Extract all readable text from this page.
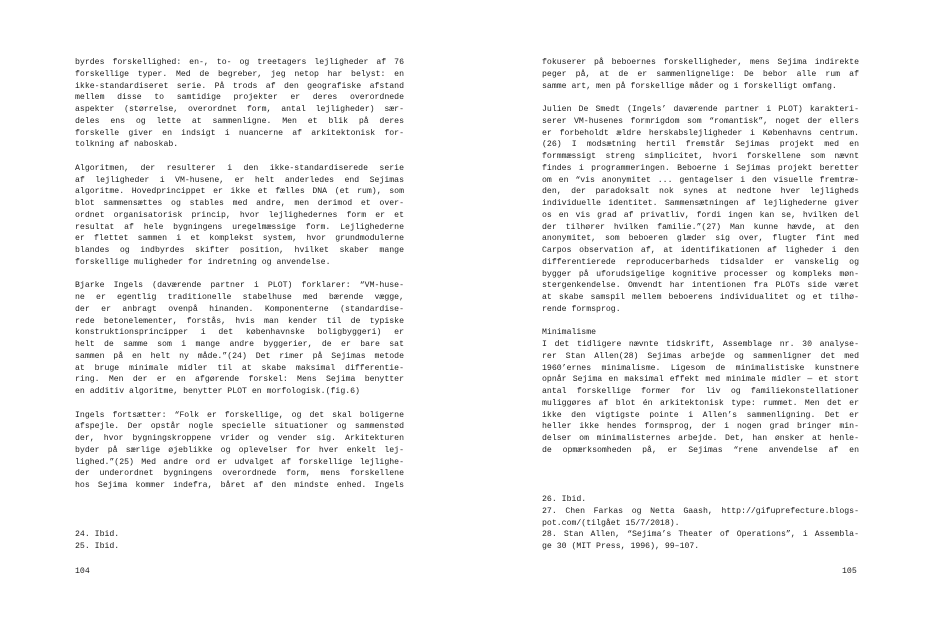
byrdes forskellighed: en-, to- og treetagers lejligheder af 76
forskellige typer. Med de begreber, jeg netop har belyst: en
ikke-standardiseret serie. På trods af den geografiske afstand
mellem disse to samtidige projekter er deres overordnede
aspekter (størrelse, overordnet form, antal lejligheder) sær-
deles ens og lette at sammenligne. Men et blik på deres
forskelle giver en indsigt i nuancerne af arkitektonisk for-
tolkning af naboskab.
Algoritmen, der resulterer i den ikke-standardiserede serie
af lejligheder i VM-husene, er helt anderledes end Sejimas
algoritme. Hovedprincippet er ikke et fælles DNA (et rum), som
blot sammensættes og stables med andre, men derimod et over-
ordnet organisatorisk princip, hvor lejlighedernes form er et
resultat af hele bygningens uregelmæssige form. Lejlighederne
er flettet sammen i et komplekst system, hvor grundmodulerne
blandes og indbyrdes skifter position, hvilket skaber mange
forskellige muligheder for indretning og anvendelse.
Bjarke Ingels (daværende partner i PLOT) forklarer: “VM-huse-
ne er egentlig traditionelle stabelhuse med bærende vægge,
der er anbragt ovenpå hinanden. Komponenterne (standardise-
rede betonelementer, forstås, hvis man kender til de typiske
konstruktionsprincipper i det københavnske boligbyggeri) er
helt de samme som i mange andre byggerier, de er bare sat
sammen på en helt ny måde.”(24) Det rimer på Sejimas metode
at bruge minimale midler til at skabe maksimal differentie-
ring. Men der er en afgørende forskel: Mens Sejima benytter
en additiv algoritme, benytter PLOT en morfologisk.(fig.6)
Ingels fortsætter: “Folk er forskellige, og det skal boligerne
afspejle. Der opstår nogle specielle situationer og sammenstød
der, hvor bygningskroppene vrider og vender sig. Arkitekturen
byder på særlige øjeblikke og oplevelser for hver enkelt lej-
lighed.”(25) Med andre ord er udvalget af forskellige lejlighe-
der underordnet bygningens overordnede form, mens forskellene
hos Sejima kommer indefra, båret af den mindste enhed. Ingels
24. Ibid.
25. Ibid.
104
fokuserer på beboernes forskelligheder, mens Sejima indirekte
peger på, at de er sammenlignelige: De bebor alle rum af
samme art, men på forskellige måder og i forskelligt omfang.
Julien De Smedt (Ingels’ daværende partner i PLOT) karakteri-
serer VM-husenes formrigdom som “romantisk”, noget der ellers
er forbeholdt ældre herskabslejligheder i Københavns centrum.
(26) I modsætning hertil fremstår Sejimas projekt med en
formmæssigt streng simplicitet, hvori forskellene som nævnt
findes i programmeringen. Beboerne i Sejimas projekt beretter
om en “vis anonymitet ... gentagelser i den visuelle fremtræ-
den, der paradoksalt nok synes at nedtone hver lejligheds
individuelle identitet. Sammensætningen af lejlighederne giver
os en vis grad af privatliv, fordi ingen kan se, hvilken del
der tilhører hvilken familie.”(27) Man kunne hævde, at den
anonymitet, som beboeren glæder sig over, flugter fint med
Carpos observation af, at identifikationen af ligheder i den
differentierede reproducerbarheds tidsalder er vanskelig og
bygger på uforudsigelige kognitive processer og kompleks møn-
stergenkendelse. Omvendt har intentionen fra PLOTs side været
at skabe samspil mellem beboerens individualitet og et tilhø-
rende formsprog.
Minimalisme
I det tidligere nævnte tidskrift, Assemblage nr. 30 analyse-
rer Stan Allen(28) Sejimas arbejde og sammenligner det med
1960’ernes minimalisme. Ligesom de minimalistiske kunstnere
opnår Sejima en maksimal effekt med minimale midler — et stort
antal forskellige former for liv og familiekonstellationer
muliggøres af blot én arkitektonisk type: rummet. Men det er
ikke den vigtigste pointe i Allen’s sammenligning. Det er
heller ikke hendes formsprog, der i nogen grad bringer min-
delser om minimalisternes arbejde. Det, han ønsker at henle-
de opmærksomheden på, er Sejimas “rene anvendelse af en
26. Ibid.
27. Chen Farkas og Netta Gaash, http://gifuprefecture.blogs-
pot.com/(tilgået 15/7/2018).
28. Stan Allen, “Sejima’s Theater of Operations”, i Assembla-
ge 30 (MIT Press, 1996), 99–107.
105
